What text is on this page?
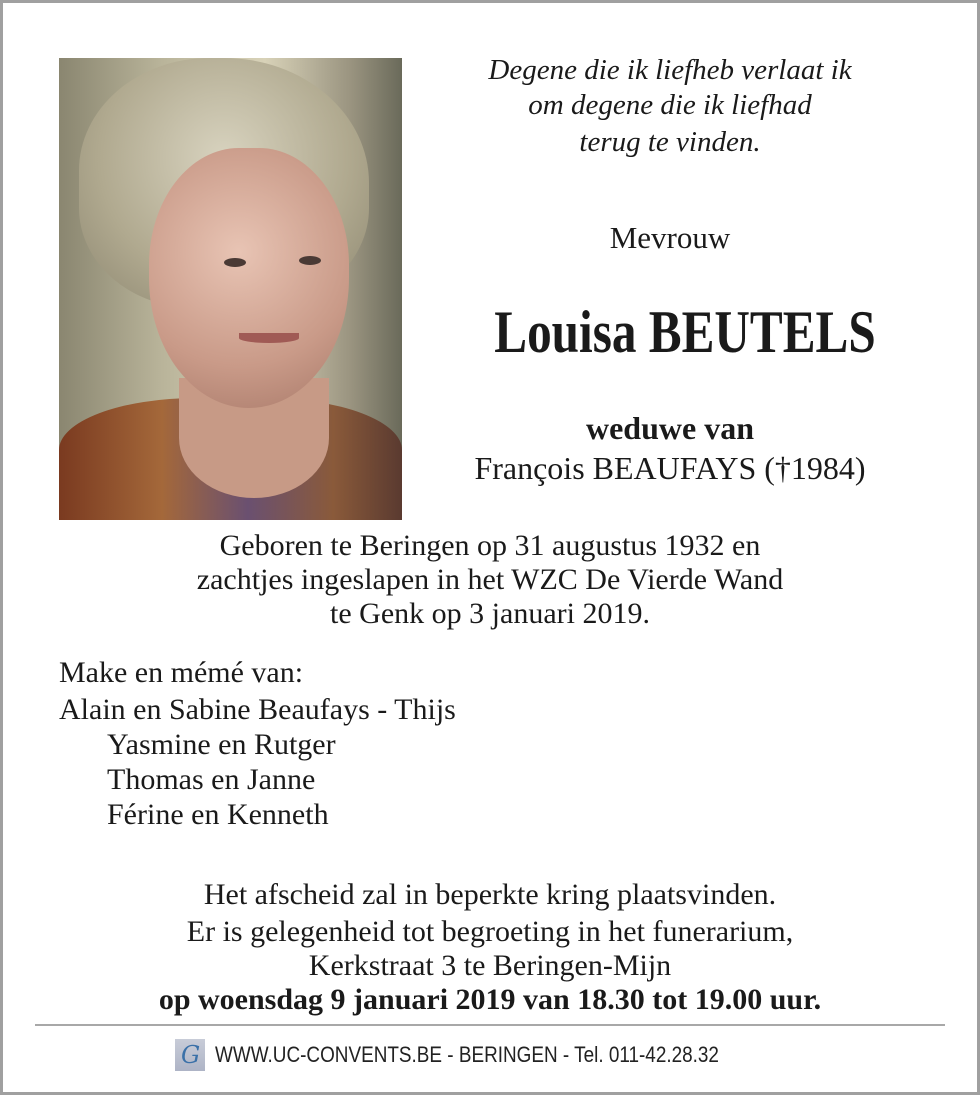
Degene die ik liefheb verlaat ik
om degene die ik liefhad
terug te vinden.
Mevrouw
Louisa BEUTELS
weduwe van
François BEAUFAYS (†1984)
Geboren te Beringen op 31 augustus 1932 en
zachtjes ingeslapen in het WZC De Vierde Wand
te Genk op 3 januari 2019.
Make en mémé van:
Alain en Sabine Beaufays - Thijs
Yasmine en Rutger
Thomas en Janne
Férine en Kenneth
Het afscheid zal in beperkte kring plaatsvinden.
Er is gelegenheid tot begroeting in het funerarium,
Kerkstraat 3 te Beringen-Mijn
op woensdag 9 januari 2019 van 18.30 tot 19.00 uur.
G WWW.UC-CONVENTS.BE - BERINGEN - Tel. 011-42.28.32
